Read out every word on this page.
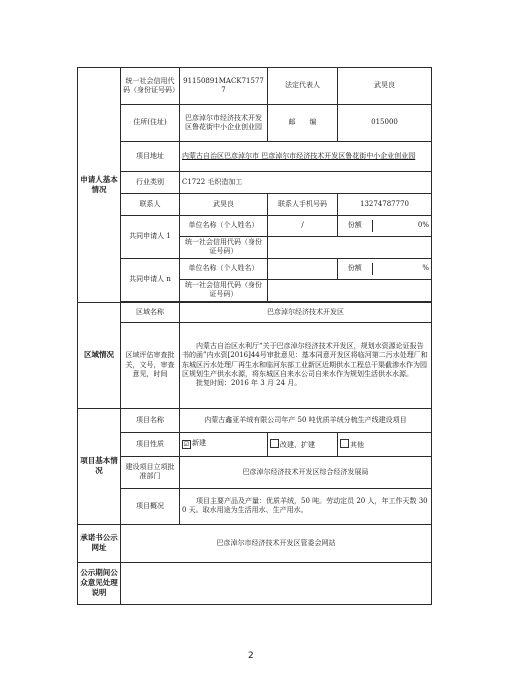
申请人基本情况	统一社会信用代码（身份证号码）	91150891MACK715777	法定代表人	武昊良
	住所(住址)	巴彦淖尔市经济技术开发区鲁花街中小企业创业园	邮　　编	015000
	项目地址	内蒙古自治区巴彦淖尔市 巴彦淖尔市经济技术开发区鲁花街中小企业创业园		
	行业类别	C1722 毛织造加工		
	联系人	武昊良	联系人手机号码	13274787770
	共同申请人 1	单位名称（个人姓名）	/	份额 0%

		统一社会信用代码（身份证号码）		
	共同申请人 n	单位名称（个人姓名）		份额 %

		统一社会信用代码（身份证号码）		

区域情况	区域名称	巴彦淖尔经济技术开发区		
	区域评估审查批关，文号，审查意见，时间	内蒙古自治区水利厅“关于巴彦淖尔经济技术开发区，规划水资源论证报告书的函”内水资[2016]44号审批意见：基本同意开发区将临河第二污水处理厂和东城区污水处理厂再生水和临河东部工业新区近期供水工程总干渠截渗水作为园区规划生产供水水源，将东城区自来水公司自来水作为规划生活供水水源。

批复时间：2016 年 3 月 24 月。		

项目基本情况	项目名称	内蒙古鑫亚羊绒有限公司年产 50 吨优质羊绒分梳生产线建设项目		
	项目性质	☑ 新建	改建、扩建	其他
	建设项目立项批准部门	巴彦淖尔经济技术开发区综合经济发展局		
	项目概况	项目主要产品及产量：优质羊绒，50 吨。劳动定员 20 人，年工作天数 300 天。取水用途为生活用水、生产用水。		
承诺书公示网址	巴彦淖尔市经济技术开发区管委会网站			
公示期间公众意见处理说明				
2
